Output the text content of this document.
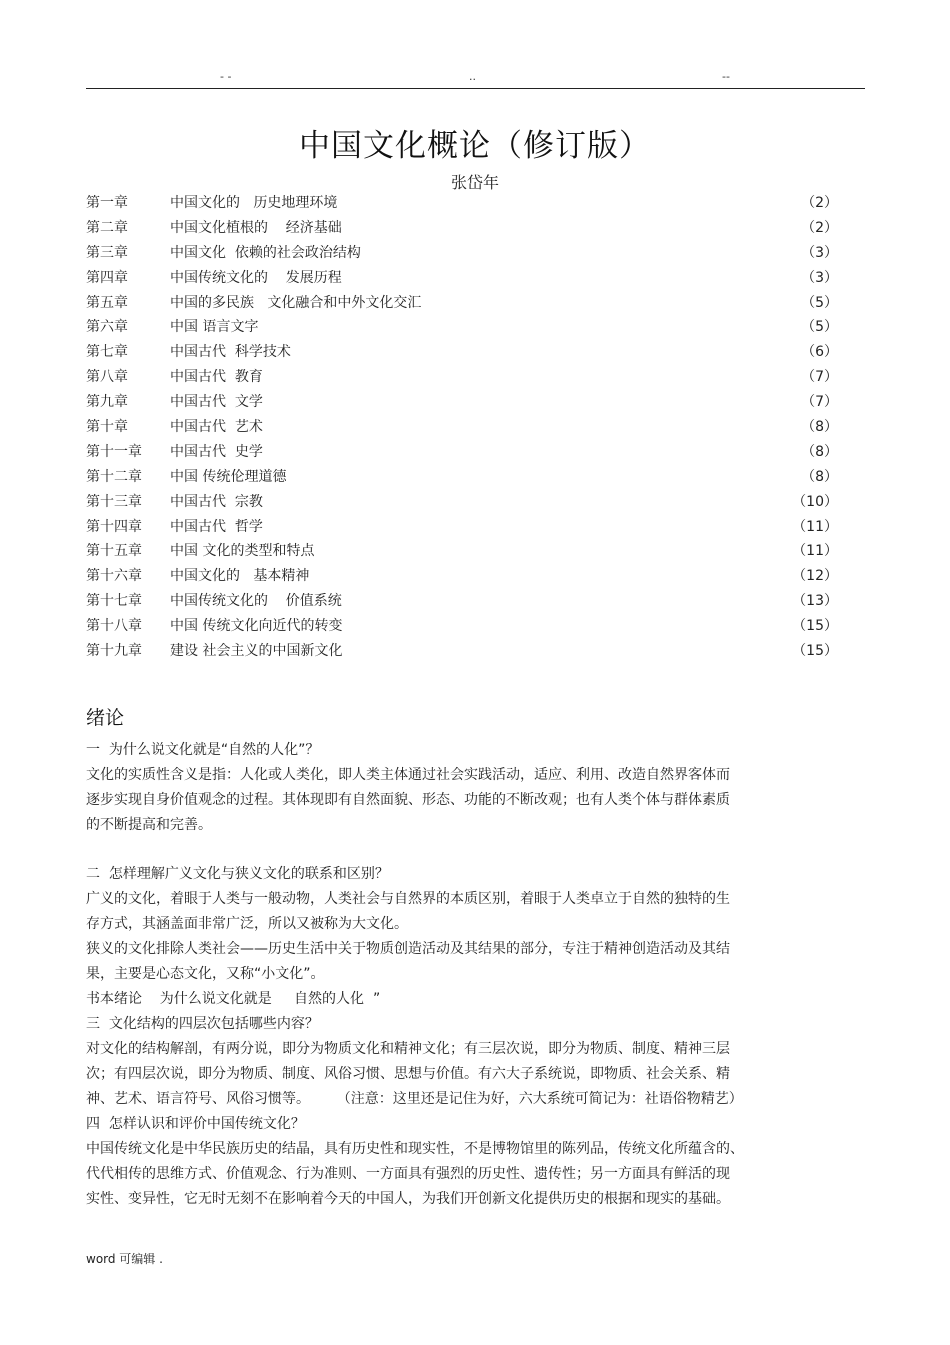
- -	..	--
中国文化概论（修订版）
张岱年
第一章	中国文化的   历史地理环境	（2）
第二章	中国文化植根的    经济基础	（2）
第三章	中国文化  依赖的社会政治结构	（3）
第四章	中国传统文化的    发展历程	（3）
第五章	中国的多民族   文化融合和中外文化交汇	（5）
第六章	中国 语言文字	（5）
第七章	中国古代  科学技术	（6）
第八章	中国古代  教育	（7）
第九章	中国古代  文学	（7）
第十章	中国古代  艺术	（8）
第十一章 中国古代  史学	（8）
第十二章 中国 传统伦理道德	（8）
第十三章 中国古代  宗教	（10）
第十四章 中国古代  哲学	（11）
第十五章 中国 文化的类型和特点	（11）
第十六章 中国文化的   基本精神	（12）
第十七章 中国传统文化的    价值系统	（13）
第十八章 中国 传统文化向近代的转变	（15）
第十九章 建设 社会主义的中国新文化	（15）
绪论
一  为什么说文化就是“自然的人化”？
文化的实质性含义是指：人化或人类化，即人类主体通过社会实践活动，适应、利用、改造自然界客体而
逐步实现自身价值观念的过程。其体现即有自然面貌、形态、功能的不断改观；也有人类个体与群体素质
的不断提高和完善。
二  怎样理解广义文化与狭义文化的联系和区别？
广义的文化，着眼于人类与一般动物，人类社会与自然界的本质区别，着眼于人类卓立于自然的独特的生
存方式，其涵盖面非常广泛，所以又被称为大文化。
狭义的文化排除人类社会——历史生活中关于物质创造活动及其结果的部分，专注于精神创造活动及其结
果，主要是心态文化，又称“小文化”。
书本绪论    为什么说文化就是     自然的人化  ”
三  文化结构的四层次包括哪些内容？
对文化的结构解剖，有两分说，即分为物质文化和精神文化；有三层次说，即分为物质、制度、精神三层
次；有四层次说，即分为物质、制度、风俗习惯、思想与价值。有六大子系统说，即物质、社会关系、精
神、艺术、语言符号、风俗习惯等。      （注意：这里还是记住为好，六大系统可简记为：社语俗物精艺）
四  怎样认识和评价中国传统文化？
中国传统文化是中华民族历史的结晶，具有历史性和现实性，不是博物馆里的陈列品，传统文化所蕴含的、
代代相传的思维方式、价值观念、行为准则、一方面具有强烈的历史性、遗传性；另一方面具有鲜活的现
实性、变异性，它无时无刻不在影响着今天的中国人，为我们开创新文化提供历史的根据和现实的基础。
word 可编辑 .
